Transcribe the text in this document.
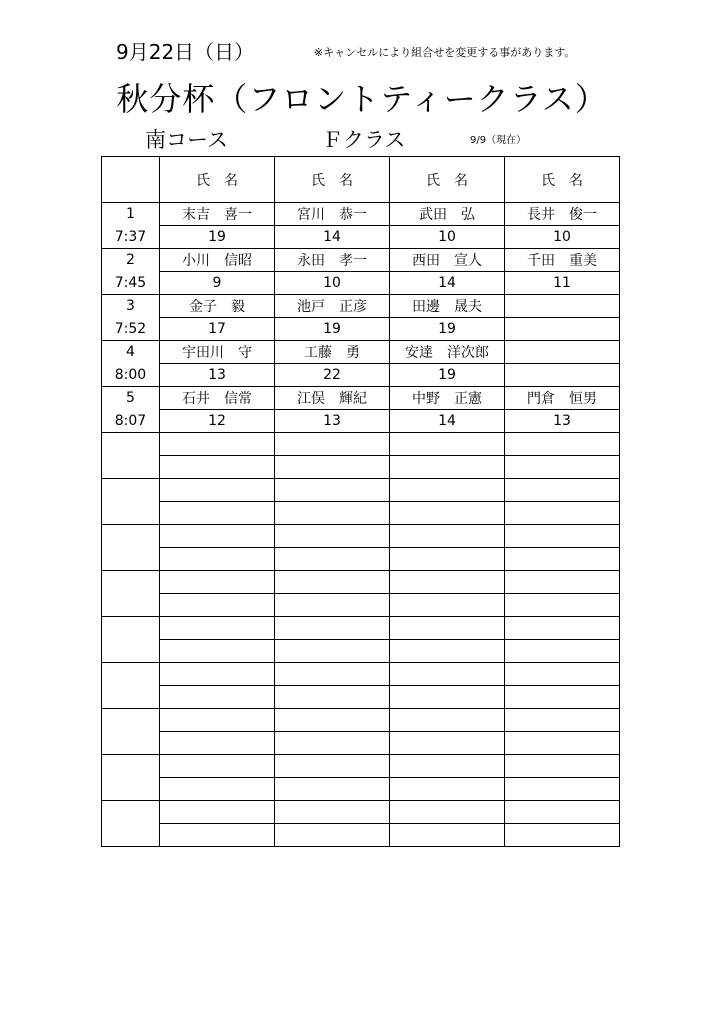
9月22日（日）	※キャンセルにより組合せを変更する事があります。
秋分杯（フロントティークラス）
南コース	Ｆクラス	9/9（現在）
	氏　名	氏　名	氏　名	氏　名
1	末吉　喜一	宮川　恭一	武田　弘	長井　俊一
7:37	19	14	10	10
2	小川　信昭	永田　孝一	西田　宣人	千田　重美
7:45	9	10	14	11
3	金子　毅	池戸　正彦	田邊　晟夫	
7:52	17	19	19	
4	宇田川　守	工藤　勇	安達　洋次郎	
8:00	13	22	19	
5	石井　信常	江俣　輝紀	中野　正憲	門倉　恒男
8:07	12	13	14	13
